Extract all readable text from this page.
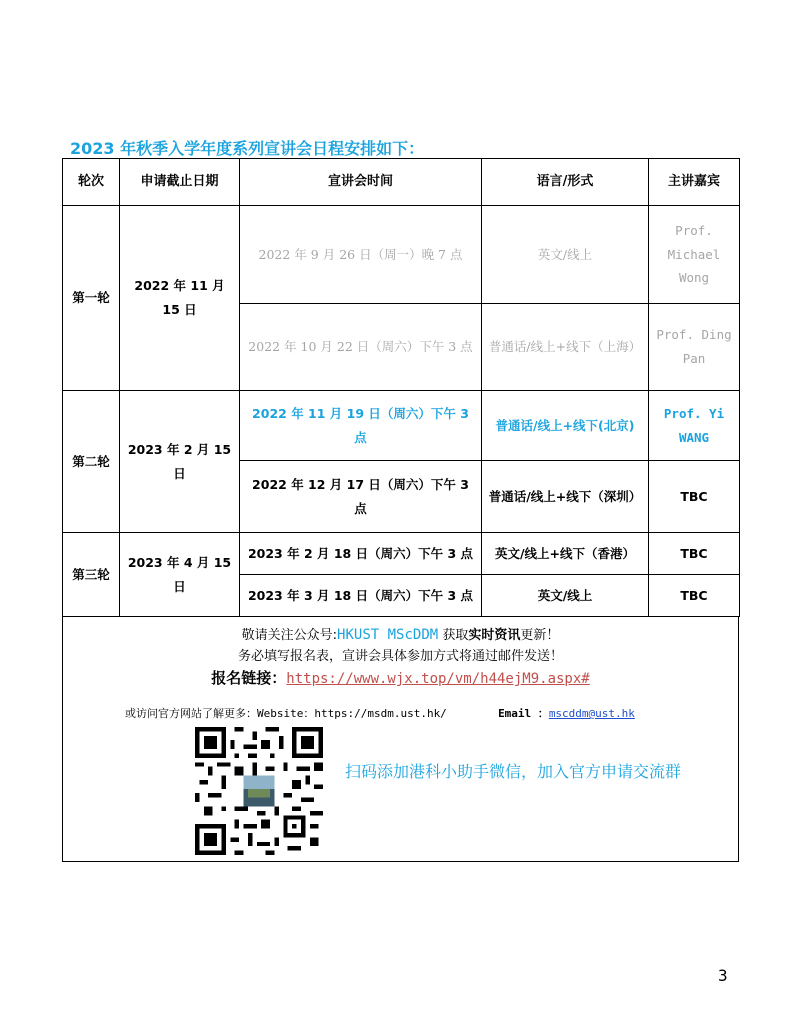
2023 年秋季入学年度系列宣讲会日程安排如下：
轮次	申请截止日期	宣讲会时间	语言/形式	主讲嘉宾
第一轮	2022 年 11 月 15 日	2022 年 9 月 26 日（周一）晚 7 点	英文/线上	Prof. Michael Wong
		2022 年 10 月 22 日（周六）下午 3 点	普通话/线上+线下（上海）	Prof. Ding Pan
第二轮	2023 年 2 月 15 日	2022 年 11 月 19 日（周六）下午 3 点	普通话/线上+线下(北京)	Prof. Yi WANG
		2022 年 12 月 17 日（周六）下午 3 点	普通话/线上+线下（深圳）	TBC
第三轮	2023 年 4 月 15 日	2023 年 2 月 18 日（周六）下午 3 点	英文/线上+线下（香港）	TBC
		2023 年 3 月 18 日（周六）下午 3 点	英文/线上	TBC
敬请关注公众号:HKUST MScDDM 获取实时资讯更新！
务必填写报名表，宣讲会具体参加方式将通过邮件发送！
报名链接：https://www.wjx.top/vm/h44ejM9.aspx#
或访问官方网站了解更多：Website：https://msdm.ust.hk/	Email ：mscddm@ust.hk
扫码添加港科小助手微信，加入官方申请交流群
3
